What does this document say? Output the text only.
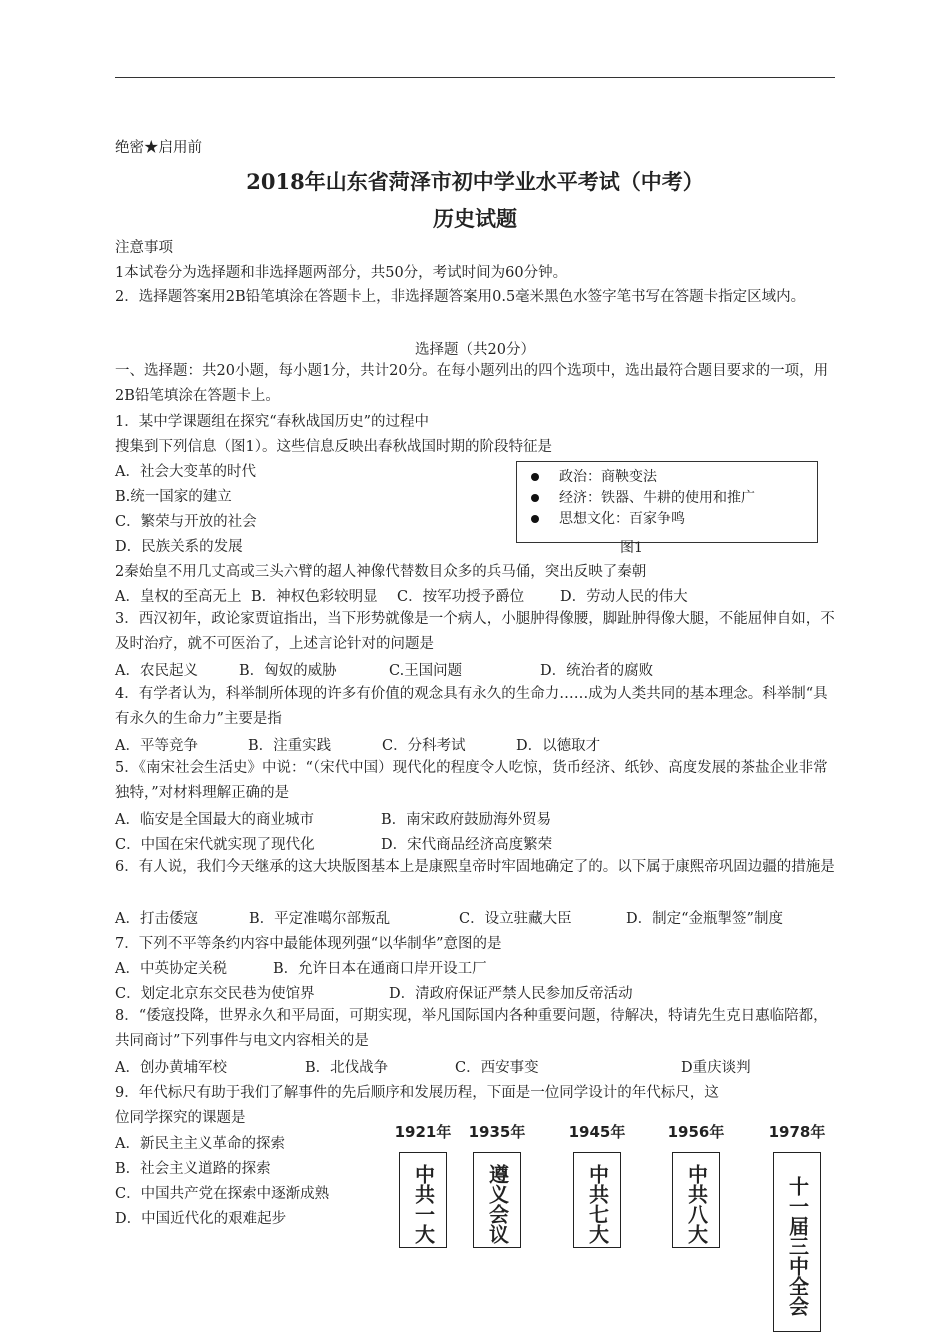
绝密★启用前
2018年山东省菏泽市初中学业水平考试（中考）
历史试题
注意事项
1本试卷分为选择题和非选择题两部分，共50分，考试时间为60分钟。
2．选择题答案用2B铅笔填涂在答题卡上，非选择题答案用0.5毫米黑色水签字笔书写在答题卡指定区域内。
选择题（共20分）
一、选择题：共20小题，每小题1分，共计20分。在每小题列出的四个选项中，选出最符合题目要求的一项，用2B铅笔填涂在答题卡上。
1．某中学课题组在探究“春秋战国历史”的过程中
搜集到下列信息（图1）。这些信息反映出春秋战国时期的阶段特征是
A．社会大变革的时代
B.统一国家的建立
C．繁荣与开放的社会
D．民族关系的发展
政治：商鞅变法
经济：铁器、牛耕的使用和推广
思想文化：百家争鸣
图1
2秦始皇不用几丈高或三头六臂的超人神像代替数目众多的兵马俑，突出反映了秦朝
A．皇权的至高无上 B．神权色彩较明显 C．按军功授予爵位 D．劳动人民的伟大
3．西汉初年，政论家贾谊指出，当下形势就像是一个病人，小腿肿得像腰，脚趾肿得像大腿，不能屈伸自如，不及时治疗，就不可医治了，上述言论针对的问题是
A．农民起义	B．匈奴的威胁	C.王国问题	D．统治者的腐败
4．有学者认为，科举制所体现的许多有价值的观念具有永久的生命力……成为人类共同的基本理念。科举制“具有永久的生命力”主要是指
A．平等竞争	B．注重实践	C．分科考试	D．以德取才
5．《南宋社会生活史》中说：“（宋代中国）现代化的程度令人吃惊，货币经济、纸钞、高度发展的茶盐企业非常独特，”对材料理解正确的是
A．临安是全国最大的商业城市	B．南宋政府鼓励海外贸易
C．中国在宋代就实现了现代化	D．宋代商品经济高度繁荣
6．有人说，我们今天继承的这大块版图基本上是康熙皇帝时牢固地确定了的。以下属于康熙帝巩固边疆的措施是
A．打击倭寇	B．平定准噶尔部叛乱	C．设立驻藏大臣	D．制定“金瓶掣签”制度
7．下列不平等条约内容中最能体现列强“以华制华”意图的是
A．中英协定关税	B．允许日本在通商口岸开设工厂
C．划定北京东交民巷为使馆界	D．清政府保证严禁人民参加反帝活动
8．“倭寇投降，世界永久和平局面，可期实现，举凡国际国内各种重要问题，待解决，特请先生克日惠临陪都，共同商讨”下列事件与电文内容相关的是
A．创办黄埔军校	B．北伐战争	C．西安事变	D重庆谈判
9．年代标尺有助于我们了解事件的先后顺序和发展历程，下面是一位同学设计的年代标尺，这
位同学探究的课题是
A．新民主主义革命的探索
B．社会主义道路的探索
C．中国共产党在探索中逐渐成熟
D．中国近代化的艰难起步
1921年
中共一大
1935年
遵义会议
1945年
中共七大
1956年
中共八大
1978年
十一届三中全会
